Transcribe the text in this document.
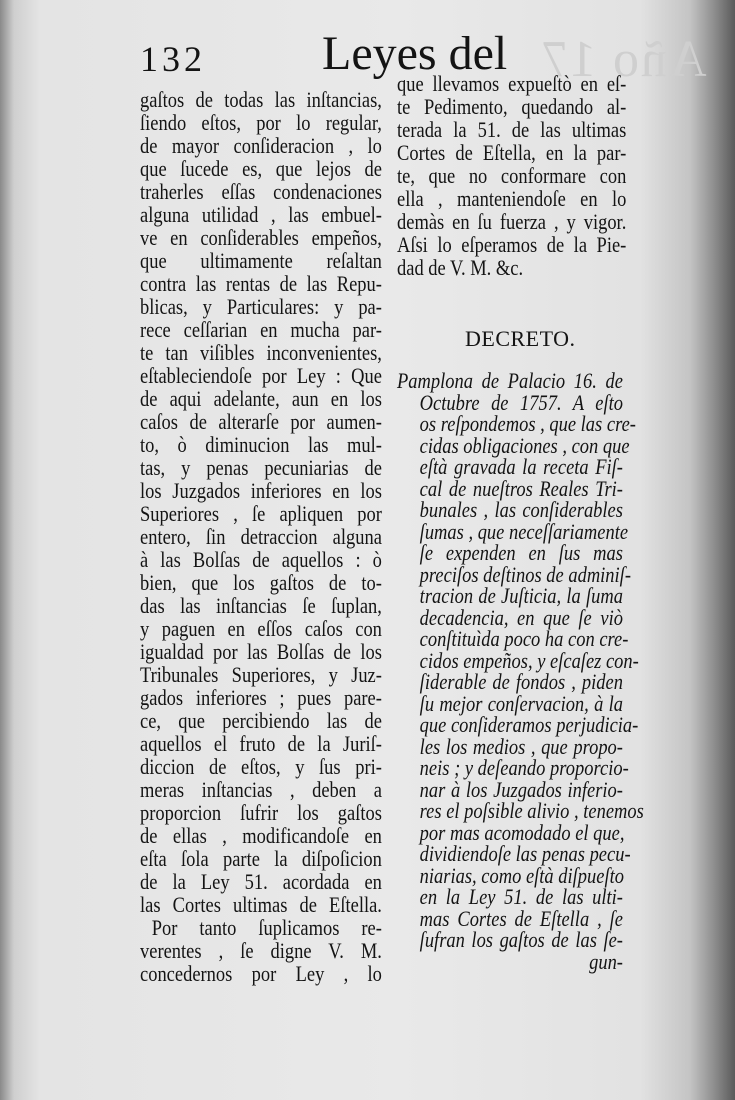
Año 17
132 Leyes del
gaſtos de todas las inſtancias,
ſiendo eſtos, por lo regular,
de mayor conſideracion , lo
que ſucede es, que lejos de
traherles eſſas condenaciones
alguna utilidad , las embuel-
ve en conſiderables empeños,
que ultimamente reſaltan
contra las rentas de las Repu-
blicas, y Particulares: y pa-
rece ceſſarian en mucha par-
te tan viſibles inconvenientes,
eſtableciendoſe por Ley : Que
de aqui adelante, aun en los
caſos de alterarſe por aumen-
to, ò diminucion las mul-
tas, y penas pecuniarias de
los Juzgados inferiores en los
Superiores , ſe apliquen por
entero, ſin detraccion alguna
à las Bolſas de aquellos : ò
bien, que los gaſtos de to-
das las inſtancias ſe ſuplan,
y paguen en eſſos caſos con
igualdad por las Bolſas de los
Tribunales Superiores, y Juz-
gados inferiores ; pues pare-
ce, que percibiendo las de
aquellos el fruto de la Juriſ-
diccion de eſtos, y ſus pri-
meras inſtancias , deben a
proporcion ſufrir los gaſtos
de ellas , modificandoſe en
eſta ſola parte la diſpoſicion
de la Ley 51. acordada en
las Cortes ultimas de Eſtella.
Por tanto ſuplicamos re-
verentes , ſe digne V. M.
concedernos por Ley , lo
que llevamos expueſtò en eſ-
te Pedimento, quedando al-
terada la 51. de las ultimas
Cortes de Eſtella, en la par-
te, que no conformare con
ella , manteniendoſe en lo
demàs en ſu fuerza , y vigor.
Aſsi lo eſperamos de la Pie-
dad de V. M. &c.
DECRETO.
Pamplona de Palacio 16. de
Octubre de 1757. A eſto
os reſpondemos , que las cre-
cidas obligaciones , con que
eſtà gravada la receta Fiſ-
cal de nueſtros Reales Tri-
bunales , las conſiderables
ſumas , que neceſſariamente
ſe expenden en ſus mas
preciſos deſtinos de adminiſ-
tracion de Juſticia, la ſuma
decadencia, en que ſe viò
conſtituìda poco ha con cre-
cidos empeños, y eſcaſez con-
ſiderable de fondos , piden
ſu mejor conſervacion, à la
que conſideramos perjudicia-
les los medios , que propo-
neis ; y deſeando proporcio-
nar à los Juzgados inferio-
res el poſsible alivio , tenemos
por mas acomodado el que,
dividiendoſe las penas pecu-
niarias, como eſtà diſpueſto
en la Ley 51. de las ulti-
mas Cortes de Eſtella , ſe
ſufran los gaſtos de las ſe-
gun-
